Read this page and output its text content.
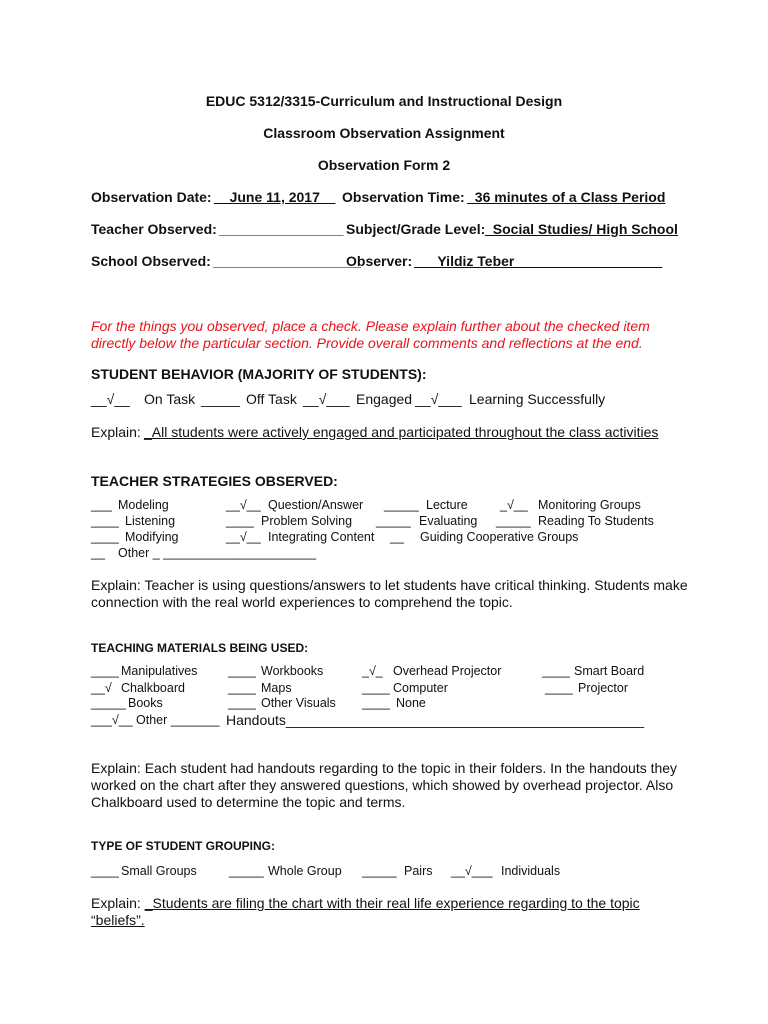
EDUC 5312/3315-Curriculum and Instructional Design
Classroom Observation Assignment
Observation Form 2
Observation Date: __June 11, 2017__ Observation Time: _36 minutes of a Class Period
Teacher Observed: ________________ Subject/Grade Level: _Social Studies/ High School
School Observed: ___________________
Observer: ___Yildiz Teber___________________
For the things you observed, place a check. Please explain further about the checked item directly below the particular section. Provide overall comments and reflections at the end.
STUDENT BEHAVIOR (MAJORITY OF STUDENTS):
__√__ On Task _____ Off Task __√___ Engaged __√___ Learning Successfully
Explain: _All students were actively engaged and participated throughout the class activities
TEACHER STRATEGIES OBSERVED:
___ Modeling	__√__ Question/Answer _____ Lecture	_√__ Monitoring Groups
____ Listening	____ Problem Solving _____ Evaluating _____ Reading To Students
____ Modifying	__√__ Integrating Content __ Guiding Cooperative Groups
__ Other _ ______________________
Explain: Teacher is using questions/answers to let students have critical thinking. Students make connection with the real world experiences to comprehend the topic.
TEACHING MATERIALS BEING USED:
____ Manipulatives ____ Workbooks	_√_ Overhead Projector	____ Smart Board
__√ Chalkboard	____ Maps	____ Computer	____ Projector
_____ Books	____ Other Visuals ____ None
___√__ Other _______ Handouts______________________________________________
Explain: Each student had handouts regarding to the topic in their folders. In the handouts they worked on the chart after they answered questions, which showed by overhead projector. Also Chalkboard used to determine the topic and terms.
TYPE OF STUDENT GROUPING:
____ Small Groups	_____ Whole Group _____ Pairs __√___ Individuals
Explain: _Students are filing the chart with their real life experience regarding to the topic “beliefs”.
